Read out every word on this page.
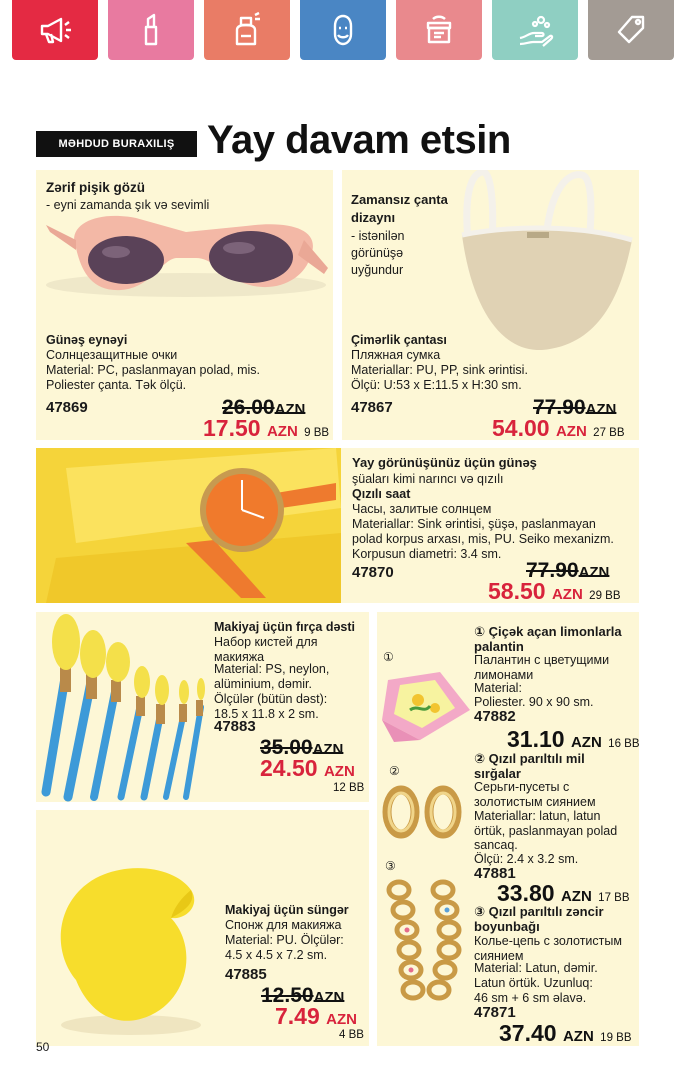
MƏHDUD BURAXILIŞ Yay davam etsin
Zərif pişik gözü
- eyni zamanda şık və sevimli
Günəş eynəyi
Солнцезащитные очки
Material: PC, paslanmayan polad, mis.
Poliester çanta. Tək ölçü.
47869	26.00AZN
17.50 AZN 9 BB
Zamansız çanta
dizaynı
- istənilən
görünüşə
uyğundur
Çimərlik çantası
Пляжная сумка
Materiallar: PU, PP, sink ərintisi.
Ölçü: U:53 x E:11.5 x H:30 sm.
47867	77.90AZN
54.00 AZN 27 BB
Yay görünüşünüz üçün günəş
şüaları kimi narıncı və qızılı
Qızılı saat
Часы, залитые солнцем
Materiallar: Sink ərintisi, şüşə, paslanmayan
polad korpus arxası, mis, PU. Seiko mexanizm.
Korpusun diametri: 3.4 sm.
47870	77.90AZN
58.50 AZN 29 BB
Makiyaj üçün fırça dəsti
Набор кистей для
макияжа
Material: PS, neylon,
alüminium, dəmir.
Ölçülər (bütün dəst):
18.5 x 11.8 x 2 sm.
47883
35.00AZN
24.50 AZN
12 BB
Makiyaj üçün süngər
Спонж для макияжа
Material: PU. Ölçülər:
4.5 x 4.5 x 7.2 sm.
47885
12.50AZN
7.49 AZN
4 BB
①
① Çiçək açan limonlarla
palantin
Палантин с цветущими
лимонами
Material:
Poliester. 90 x 90 sm.
47882
31.10 AZN 16 BB
②
② Qızıl parıltılı mil
sırğalar
Серьги-пусеты с
золотистым сиянием
Materiallar: latun, latun
örtük, paslanmayan polad
sancaq.
Ölçü: 2.4 x 3.2 sm.
47881
33.80 AZN 17 BB
③
③ Qızıl parıltılı zəncir
boyunbağı
Колье-цепь с золотистым
сиянием
Material: Latun, dəmir.
Latun örtük. Uzunluq:
46 sm + 6 sm əlavə.
47871
37.40 AZN 19 BB
50
